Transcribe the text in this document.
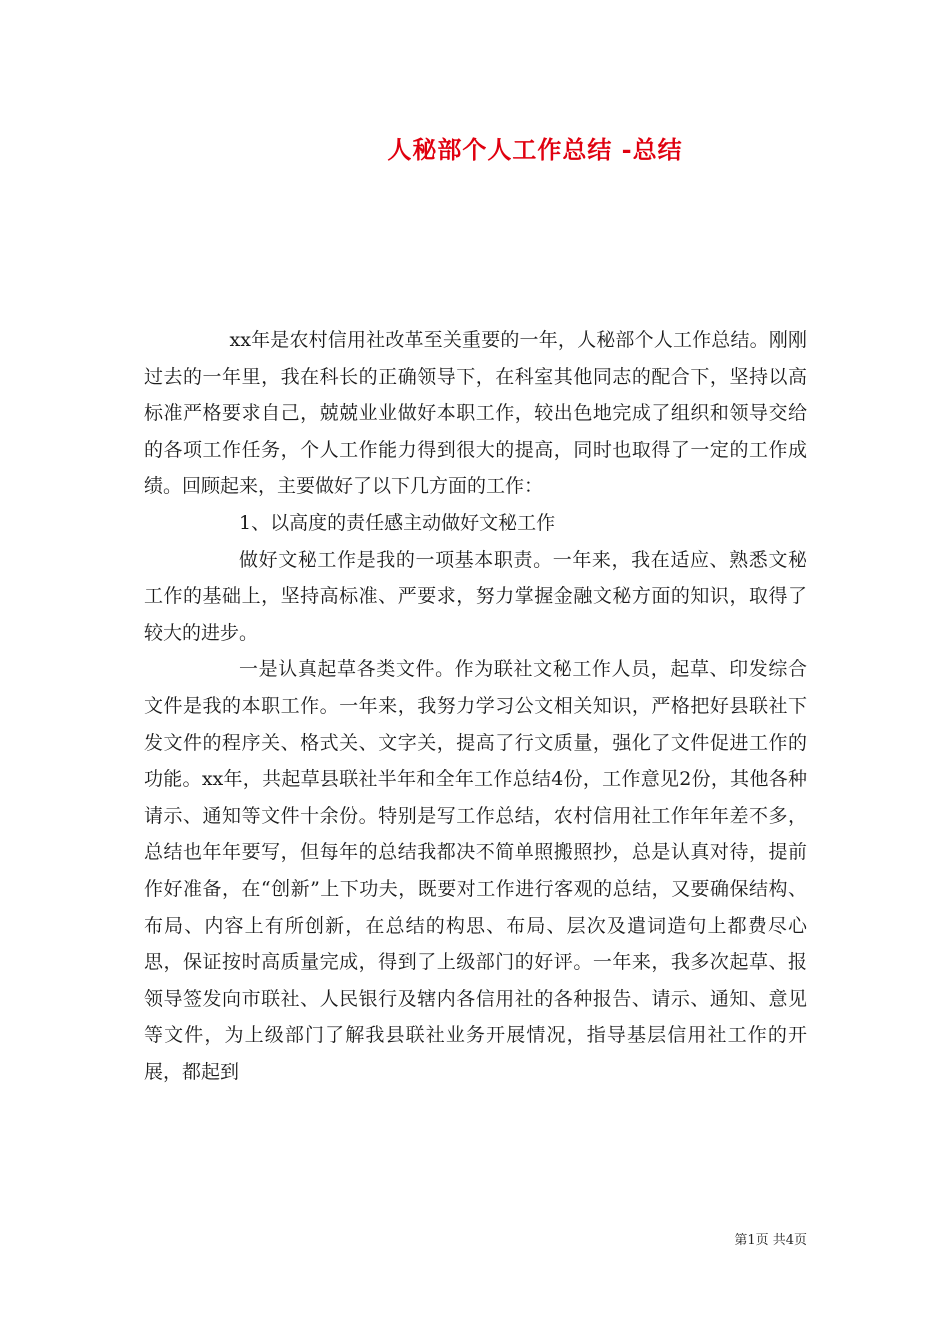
人秘部个人工作总结 -总结

xx年是农村信用社改革至关重要的一年，人秘部个人工作总结。刚刚过去的一年里，我在科长的正确领导下，在科室其他同志的配合下，坚持以高标准严格要求自己，兢兢业业做好本职工作，较出色地完成了组织和领导交给的各项工作任务，个人工作能力得到很大的提高，同时也取得了一定的工作成绩。回顾起来，主要做好了以下几方面的工作：

1、以高度的责任感主动做好文秘工作

做好文秘工作是我的一项基本职责。一年来，我在适应、熟悉文秘工作的基础上，坚持高标准、严要求，努力掌握金融文秘方面的知识，取得了较大的进步。

一是认真起草各类文件。作为联社文秘工作人员，起草、印发综合文件是我的本职工作。一年来，我努力学习公文相关知识，严格把好县联社下发文件的程序关、格式关、文字关，提高了行文质量，强化了文件促进工作的功能。xx年，共起草县联社半年和全年工作总结4份，工作意见2份，其他各种请示、通知等文件十余份。特别是写工作总结，农村信用社工作年年差不多，总结也年年要写，但每年的总结我都决不简单照搬照抄，总是认真对待，提前作好准备，在“创新”上下功夫，既要对工作进行客观的总结，又要确保结构、布局、内容上有所创新，在总结的构思、布局、层次及遣词造句上都费尽心思，保证按时高质量完成，得到了上级部门的好评。一年来，我多次起草、报领导签发向市联社、人民银行及辖内各信用社的各种报告、请示、通知、意见等文件，为上级部门了解我县联社业务开展情况，指导基层信用社工作的开展，都起到

第1页 共4页
